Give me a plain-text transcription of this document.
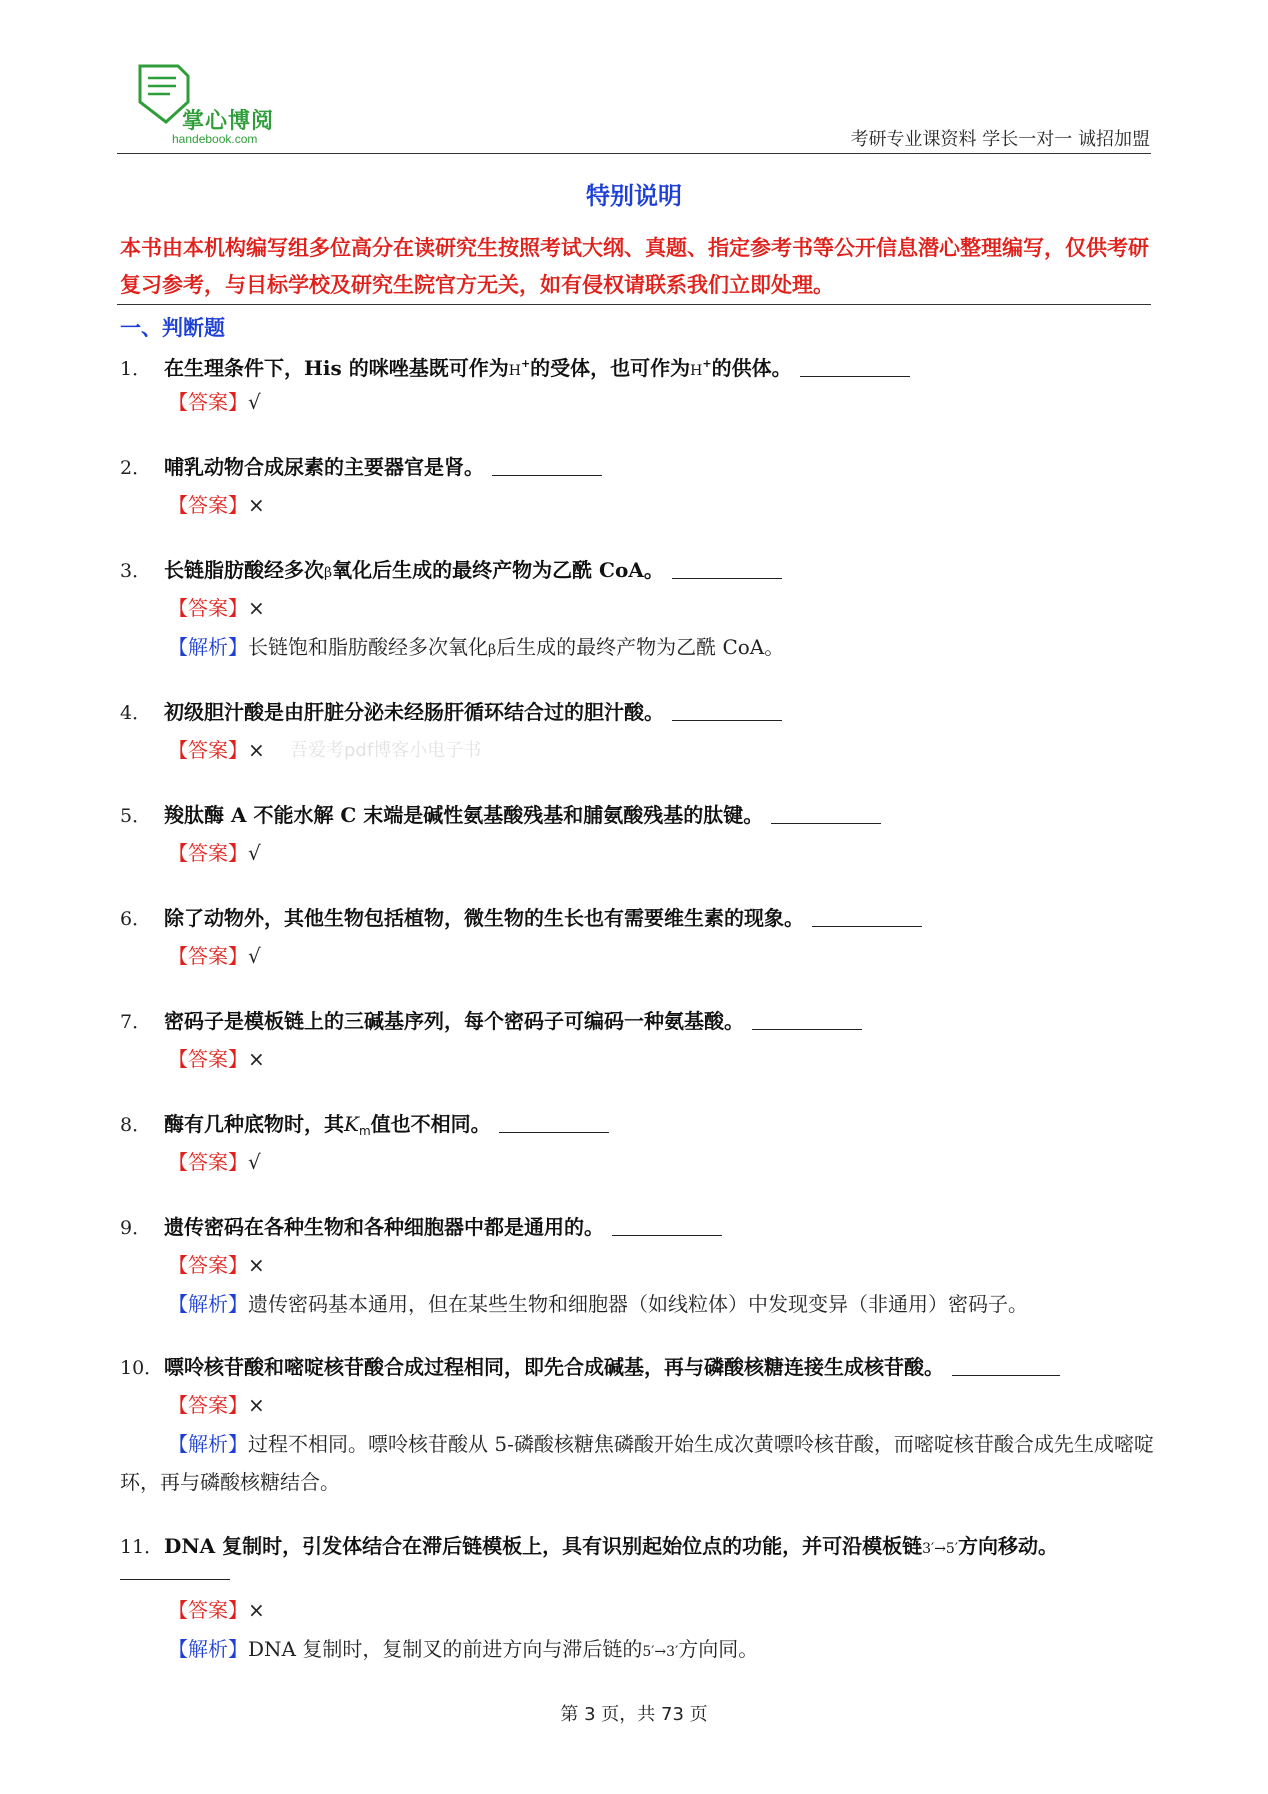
掌心博阅
handebook.com	考研专业课资料 学长一对一 诚招加盟
特别说明
本书由本机构编写组多位高分在读研究生按照考试大纲、真题、指定参考书等公开信息潜心整理编写，仅供考研复习参考，与目标学校及研究生院官方无关，如有侵权请联系我们立即处理。
一、判断题
1． 在生理条件下，His 的咪唑基既可作为H+的受体，也可作为H+的供体。
【答案】√
2． 哺乳动物合成尿素的主要器官是肾。
【答案】×
3． 长链脂肪酸经多次β氧化后生成的最终产物为乙酰 CoA。
【答案】×
【解析】长链饱和脂肪酸经多次氧化β后生成的最终产物为乙酰 CoA。
4． 初级胆汁酸是由肝脏分泌未经肠肝循环结合过的胆汁酸。
【答案】× 吾爱考pdf博客小电子书
5． 羧肽酶 A 不能水解 C 末端是碱性氨基酸残基和脯氨酸残基的肽键。
【答案】√
6． 除了动物外，其他生物包括植物，微生物的生长也有需要维生素的现象。
【答案】√
7． 密码子是模板链上的三碱基序列，每个密码子可编码一种氨基酸。
【答案】×
8． 酶有几种底物时，其$K_m$值也不相同。
【答案】√
9． 遗传密码在各种生物和各种细胞器中都是通用的。
【答案】×
【解析】遗传密码基本通用，但在某些生物和细胞器（如线粒体）中发现变异（非通用）密码子。
10．嘌呤核苷酸和嘧啶核苷酸合成过程相同，即先合成碱基，再与磷酸核糖连接生成核苷酸。
【答案】×
【解析】过程不相同。嘌呤核苷酸从 5-磷酸核糖焦磷酸开始生成次黄嘌呤核苷酸，而嘧啶核苷酸合成先生成嘧啶环，再与磷酸核糖结合。
11．DNA 复制时，引发体结合在滞后链模板上，具有识别起始位点的功能，并可沿模板链3′→5′方向移动。
【答案】×
【解析】DNA 复制时，复制叉的前进方向与滞后链的5′→3′方向同。
第 3 页，共 73 页
